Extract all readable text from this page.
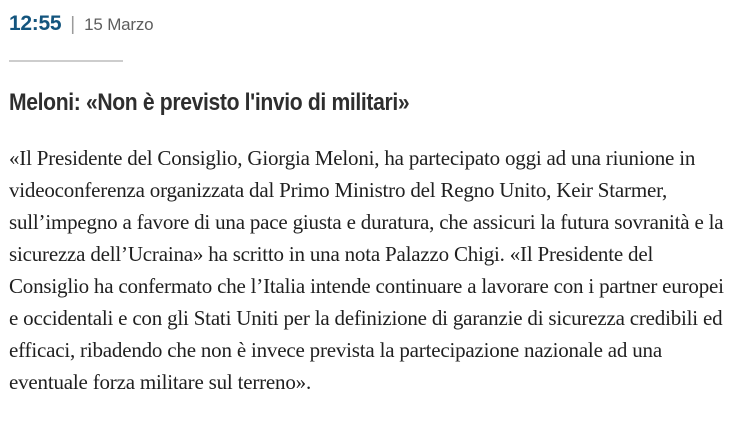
12:55 | 15 Marzo
Meloni: «Non è previsto l'invio di militari»

«Il Presidente del Consiglio, Giorgia Meloni, ha partecipato oggi ad una riunione in videoconferenza organizzata dal Primo Ministro del Regno Unito, Keir Starmer, sull’impegno a favore di una pace giusta e duratura, che assicuri la futura sovranità e la sicurezza dell’Ucraina» ha scritto in una nota Palazzo Chigi. «Il Presidente del Consiglio ha confermato che l’Italia intende continuare a lavorare con i partner europei e occidentali e con gli Stati Uniti per la definizione di garanzie di sicurezza credibili ed efficaci, ribadendo che non è invece prevista la partecipazione nazionale ad una eventuale forza militare sul terreno».
